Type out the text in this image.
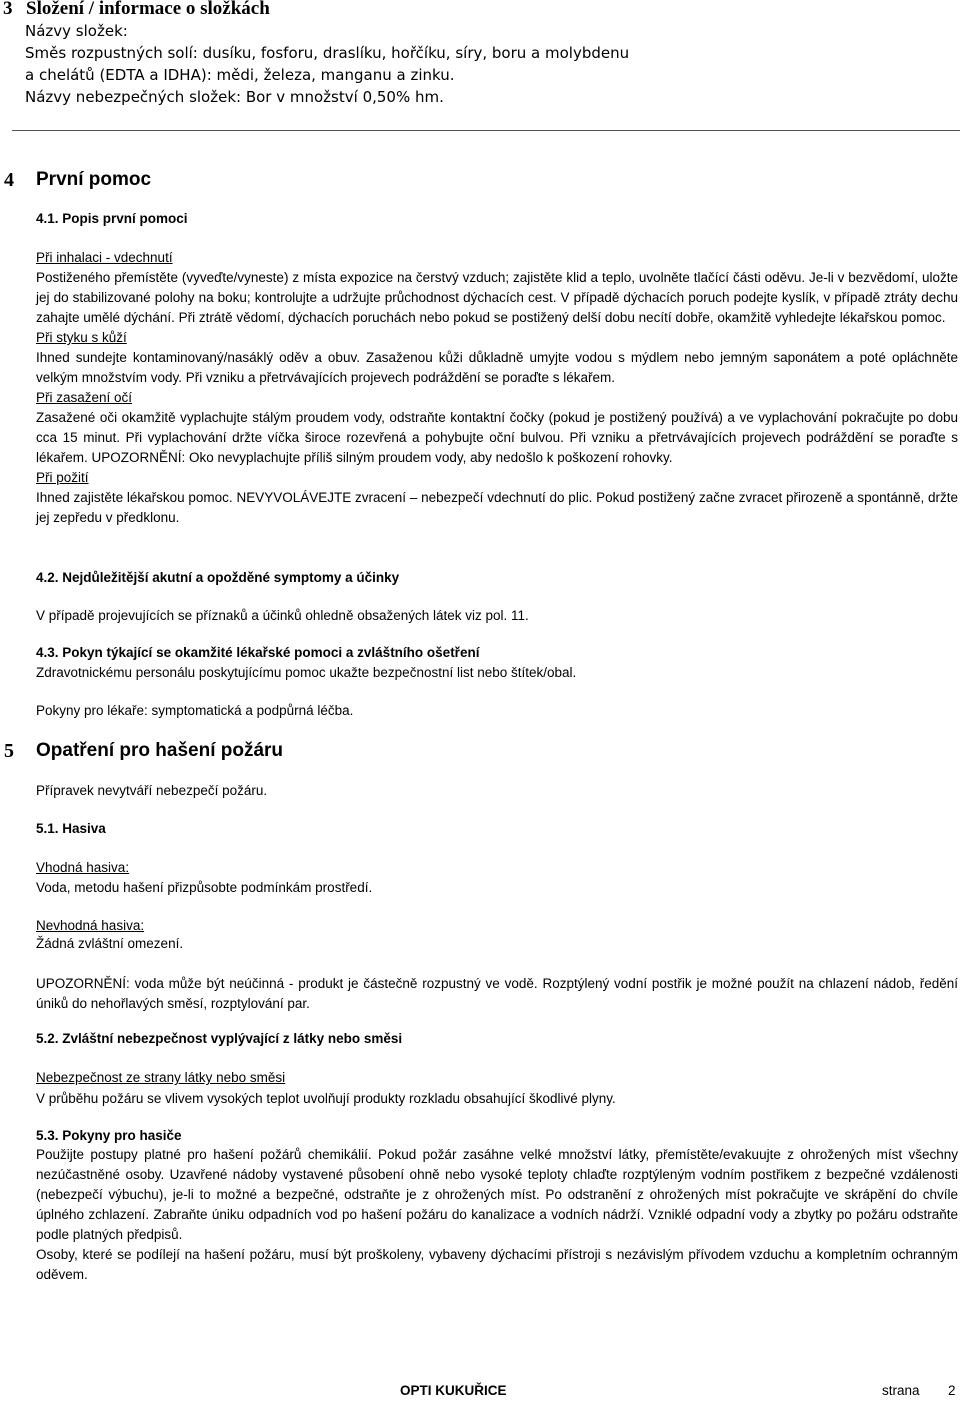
3 Složení / informace o složkách
Názvy složek:
Směs rozpustných solí: dusíku, fosforu, draslíku, hořčíku, síry, boru a molybdenu
a chelátů (EDTA a IDHA): mědi, železa, manganu a zinku.
Názvy nebezpečných složek: Bor v množství 0,50% hm.
4 První pomoc
4.1. Popis první pomoci

Při inhalaci - vdechnutí

Postiženého přemístěte (vyveďte/vyneste) z místa expozice na čerstvý vzduch; zajistěte klid a teplo, uvolněte tlačící části oděvu. Je-li v bezvědomí, uložte jej do stabilizované polohy na boku; kontrolujte a udržujte průchodnost dýchacích cest. V případě dýchacích poruch podejte kyslík, v případě ztráty dechu zahajte umělé dýchání. Při ztrátě vědomí, dýchacích poruchách nebo pokud se postižený delší dobu necítí dobře, okamžitě vyhledejte lékařskou pomoc.

Při styku s kůží

Ihned sundejte kontaminovaný/nasáklý oděv a obuv. Zasaženou kůži důkladně umyjte vodou s mýdlem nebo jemným saponátem a poté opláchněte velkým množstvím vody. Při vzniku a přetrvávajících projevech podráždění se poraďte s lékařem.

Při zasažení očí

Zasažené oči okamžitě vyplachujte stálým proudem vody, odstraňte kontaktní čočky (pokud je postižený používá) a ve vyplachování pokračujte po dobu cca 15 minut. Při vyplachování držte víčka široce rozevřená a pohybujte oční bulvou. Při vzniku a přetrvávajících projevech podráždění se poraďte s lékařem. UPOZORNĚNÍ: Oko nevyplachujte příliš silným proudem vody, aby nedošlo k poškození rohovky.

Při požití

Ihned zajistěte lékařskou pomoc. NEVYVOLÁVEJTE zvracení – nebezpečí vdechnutí do plic. Pokud postižený začne zvracet přirozeně a spontánně, držte jej zepředu v předklonu.

4.2. Nejdůležitější akutní a opožděné symptomy a účinky
V případě projevujících se příznaků a účinků ohledně obsažených látek viz pol. 11.
4.3. Pokyn týkající se okamžité lékařské pomoci a zvláštního ošetření
Zdravotnickému personálu poskytujícímu pomoc ukažte bezpečnostní list nebo štítek/obal.
Pokyny pro lékaře: symptomatická a podpůrná léčba.
5 Opatření pro hašení požáru
Přípravek nevytváří nebezpečí požáru.
5.1. Hasiva
Vhodná hasiva:
Voda, metodu hašení přizpůsobte podmínkám prostředí.
Nevhodná hasiva:
Žádná zvláštní omezení.

UPOZORNĚNÍ: voda může být neúčinná - produkt je částečně rozpustný ve vodě. Rozptýlený vodní postřik je možné použít na chlazení nádob, ředění úniků do nehořlavých směsí, rozptylování par.

5.2. Zvláštní nebezpečnost vyplývající z látky nebo směsi
Nebezpečnost ze strany látky nebo směsi
V průběhu požáru se vlivem vysokých teplot uvolňují produkty rozkladu obsahující škodlivé plyny.
5.3. Pokyny pro hasiče

Použijte postupy platné pro hašení požárů chemikálií. Pokud požár zasáhne velké množství látky, přemístěte/evakuujte z ohrožených míst všechny nezúčastněné osoby. Uzavřené nádoby vystavené působení ohně nebo vysoké teploty chlaďte rozptýleným vodním postřikem z bezpečné vzdálenosti (nebezpečí výbuchu), je-li to možné a bezpečné, odstraňte je z ohrožených míst. Po odstranění z ohrožených míst pokračujte ve skrápění do chvíle úplného zchlazení. Zabraňte úniku odpadních vod po hašení požáru do kanalizace a vodních nádrží. Vzniklé odpadní vody a zbytky po požáru odstraňte podle platných předpisů.

Osoby, které se podílejí na hašení požáru, musí být proškoleny, vybaveny dýchacími přístroji s nezávislým přívodem vzduchu a kompletním ochranným oděvem.

OPTI KUKUŘICE	strana 2
